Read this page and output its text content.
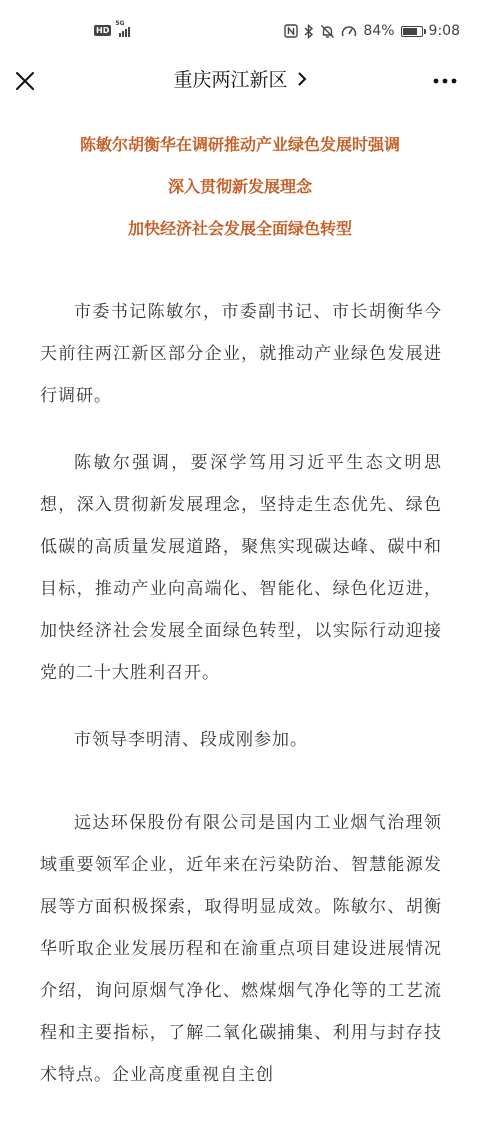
HD
5G	84% 9:08
重庆两江新区
陈敏尔胡衡华在调研推动产业绿色发展时强调
深入贯彻新发展理念
加快经济社会发展全面绿色转型

市委书记陈敏尔，市委副书记、市长胡衡华今天前往两江新区部分企业，就推动产业绿色发展进行调研。

陈敏尔强调，要深学笃用习近平生态文明思想，深入贯彻新发展理念，坚持走生态优先、绿色低碳的高质量发展道路，聚焦实现碳达峰、碳中和目标，推动产业向高端化、智能化、绿色化迈进，加快经济社会发展全面绿色转型，以实际行动迎接党的二十大胜利召开。

市领导李明清、段成刚参加。

远达环保股份有限公司是国内工业烟气治理领域重要领军企业，近年来在污染防治、智慧能源发展等方面积极探索，取得明显成效。陈敏尔、胡衡华听取企业发展历程和在渝重点项目建设进展情况介绍，询问原烟气净化、燃煤烟气净化等的工艺流程和主要指标，了解二氧化碳捕集、利用与封存技术特点。企业高度重视自主创
